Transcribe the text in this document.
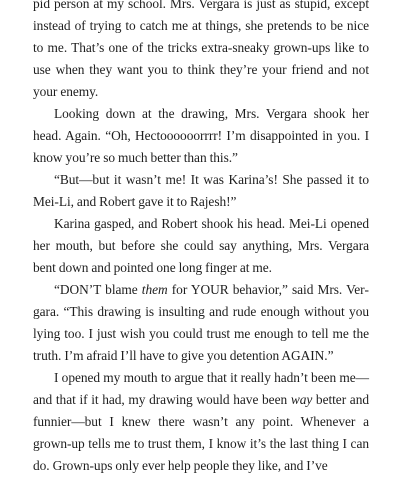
pid person at my school. Mrs. Vergara is just as stupid, except instead of trying to catch me at things, she pretends to be nice to me. That’s one of the tricks extra-sneaky grown-ups like to use when they want you to think they’re your friend and not your enemy.

Looking down at the drawing, Mrs. Vergara shook her head. Again. “Oh, Hectoooooorrrr! I’m disappointed in you. I know you’re so much better than this.”

“But—but it wasn’t me! It was Karina’s! She passed it to Mei-Li, and Robert gave it to Rajesh!”

Karina gasped, and Robert shook his head. Mei-Li opened her mouth, but before she could say anything, Mrs. Vergara bent down and pointed one long finger at me.

“DON’T blame them for YOUR behavior,” said Mrs. Vergara. “This drawing is insulting and rude enough without you lying too. I just wish you could trust me enough to tell me the truth. I’m afraid I’ll have to give you detention AGAIN.”

I opened my mouth to argue that it really hadn’t been me—and that if it had, my drawing would have been way better and funnier—but I knew there wasn’t any point. Whenever a grown-up tells me to trust them, I know it’s the last thing I can do. Grown-ups only ever help people they like, and I’ve
